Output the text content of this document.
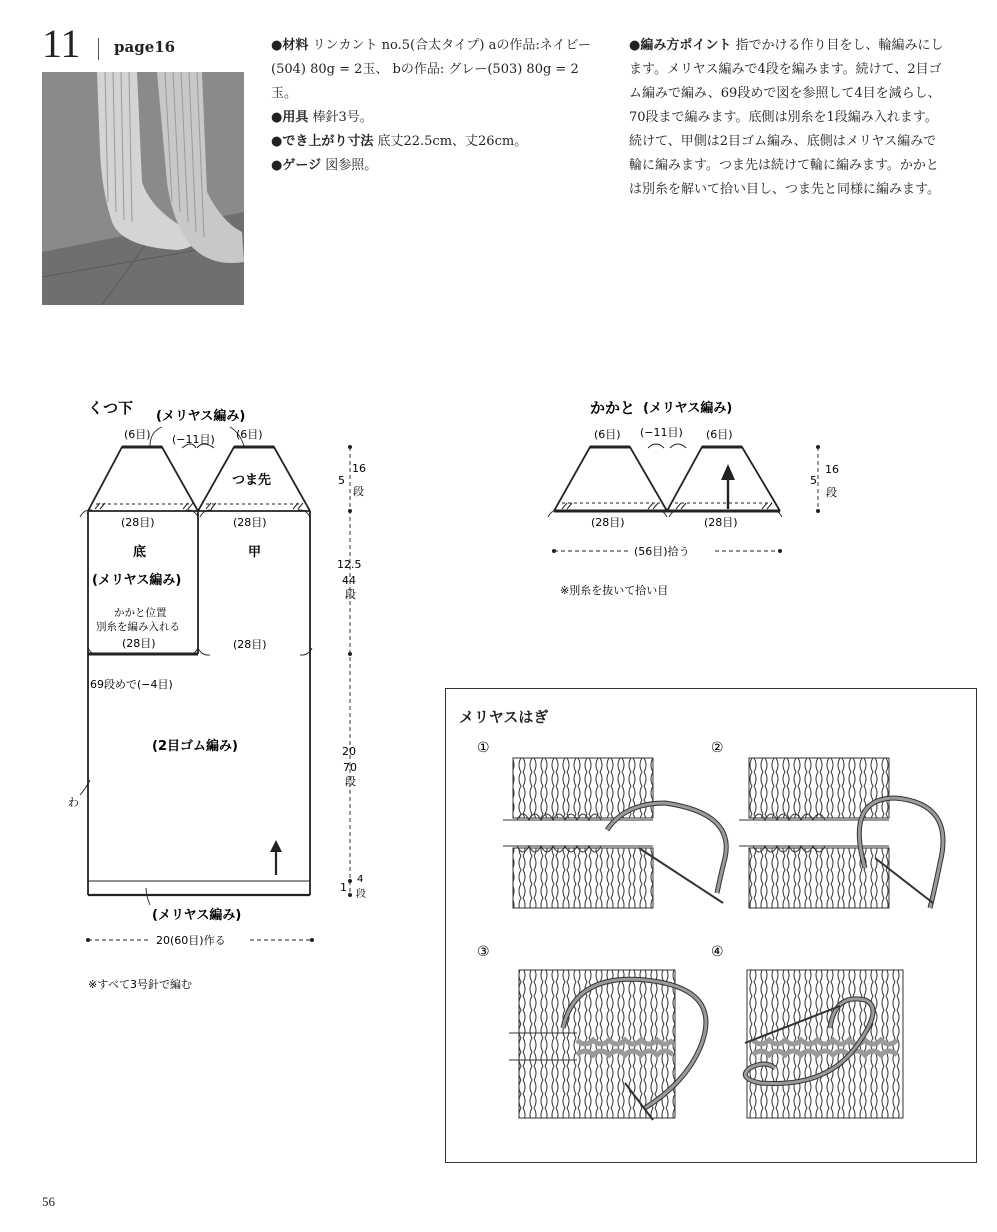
11 page16	●材料 リンカント no.5(合太タイプ) aの作品:ネイビー(504) 80g = 2玉、 bの作品: グレー(503) 80g = 2玉。

●用具 棒針3号。

●でき上がり寸法 底丈22.5cm、丈26cm。

●ゲージ 図参照。

●編み方ポイント 指でかける作り目をし、輪編みにします。メリヤス編みで4段を編みます。続けて、2目ゴム編みで編み、69段めで図を参照して4目を減らし、70段まで編みます。底側は別糸を1段編み入れます。続けて、甲側は2目ゴム編み、底側はメリヤス編みで輪に編みます。つま先は続けて輪に編みます。かかとは別糸を解いて拾い目し、つま先と同様に編みます。

くつ下 (メリヤス編み)
(6目) (−11目) (6目)
つま先
(28目)	(28目)
底
(メリヤス編み)
甲
かかと位置
別糸を編み入れる
(28目)	(28目)
69段めで(−4目)
(2目ゴム編み)
わ
(メリヤス編み)
20(60目)作る
※すべて3号針で編む
5
16
段
12.5
44
段
20
70
段
1
4
段
かかと (メリヤス編み)
(6目) (−11目) (6目)
(28目)	(28目)
(56目)拾う
※別糸を抜いて拾い目
5
16
段
メリヤスはぎ
①	②
③	④
56
